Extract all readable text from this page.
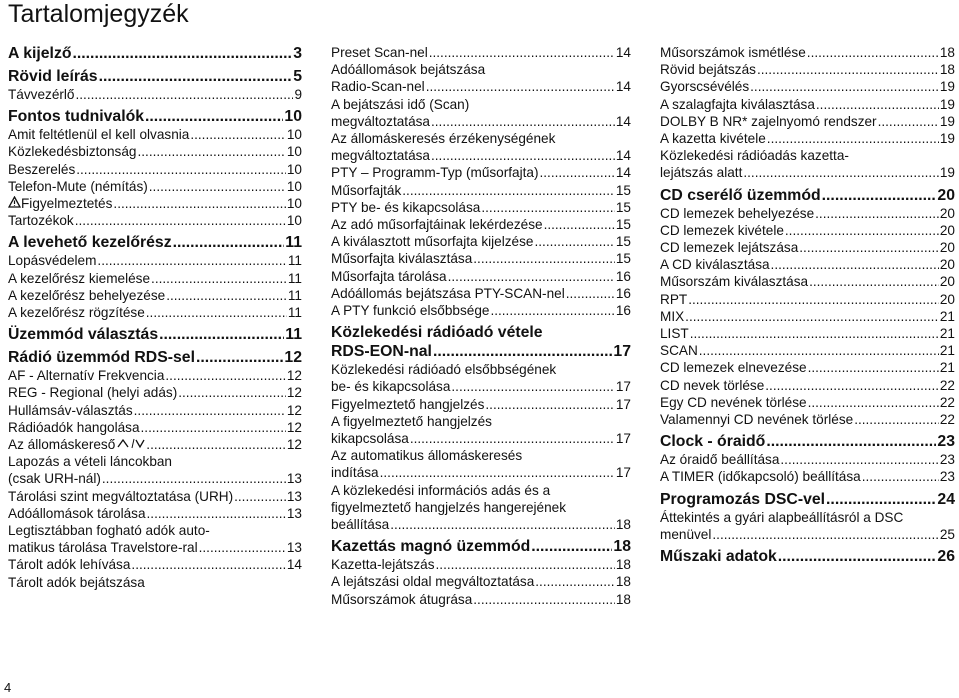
Tartalomjegyzék
A kijelző .....	3
Rövid leírás .....	5
Távvezérlő .....	9
Fontos tudnivalók .....	10
Amit feltétlenül el kell olvasnia .....	10
Közlekedésbiztonság .....	10
Beszerelés .....	10
Telefon-Mute (némítás) .....	10
Figyelmeztetés .....	10
Tartozékok .....	10
A levehető kezelőrész .....	11
Lopásvédelem .....	11
A kezelőrész kiemelése .....	11
A kezelőrész behelyezése .....	11
A kezelőrész rögzítése .....	11
Üzemmód választás .....	11
Rádió üzemmód RDS-sel .....	12
AF - Alternatív Frekvencia .....	12
REG - Regional (helyi adás) .....	12
Hullámsáv-választás .....	12
Rádióadók hangolása .....	12
Az állomáskereső .....	12
Lapozás a vételi láncokban
(csak URH-nál) .....	13
Tárolási szint megváltoztatása (URH) .....	13
Adóállomások tárolása .....	13
Legtisztábban fogható adók auto-
matikus tárolása Travelstore-ral .....	13
Tárolt adók lehívása .....	14
Tárolt adók bejátszása
Preset Scan-nel .....	14
Adóállomások bejátszása
Radio-Scan-nel .....	14
A bejátszási idő (Scan)
megváltoztatása .....	14
Az állomáskeresés érzékenységének
megváltoztatása .....	14
PTY – Programm-Typ (műsorfajta) .....	14
Műsorfajták .....	15
PTY be- és kikapcsolása .....	15
Az adó műsorfajtáinak lekérdezése .....	15
A kiválasztott műsorfajta kijelzése .....	15
Műsorfajta kiválasztása .....	15
Műsorfajta tárolása .....	16
Adóállomás bejátszása PTY-SCAN-nel .....	16
A PTY funkció elsőbbsége .....	16
Közlekedési rádióadó vétele
RDS-EON-nal .....	17
Közlekedési rádióadó elsőbbségének
be- és kikapcsolása .....	17
Figyelmeztető hangjelzés .....	17
A figyelmeztető hangjelzés
kikapcsolása .....	17
Az automatikus állomáskeresés
indítása .....	17
A közlekedési információs adás és a
figyelmeztető hangjelzés hangerejének
beállítása .....	18
Kazettás magnó üzemmód .....	18
Kazetta-lejátszás .....	18
A lejátszási oldal megváltoztatása .....	18
Műsorszámok átugrása .....	18
Műsorszámok ismétlése .....	18
Rövid bejátszás .....	18
Gyorscsévélés .....	19
A szalagfajta kiválasztása .....	19
DOLBY B NR* zajelnyomó rendszer .....	19
A kazetta kivétele .....	19
Közlekedési rádióadás kazetta-
lejátszás alatt .....	19
CD cserélő üzemmód .....	20
CD lemezek behelyezése .....	20
CD lemezek kivétele .....	20
CD lemezek lejátszása .....	20
A CD kiválasztása .....	20
Műsorszám kiválasztása .....	20
RPT .....	20
MIX .....	21
LIST .....	21
SCAN .....	21
CD lemezek elnevezése .....	21
CD nevek törlése .....	22
Egy CD nevének törlése .....	22
Valamennyi CD nevének törlése .....	22
Clock - óraidő .....	23
Az óraidő beállítása .....	23
A TIMER (időkapcsoló) beállítása .....	23
Programozás DSC-vel .....	24
Áttekintés a gyári alapbeállításról a DSC
menüvel .....	25
Műszaki adatok .....	26
4
